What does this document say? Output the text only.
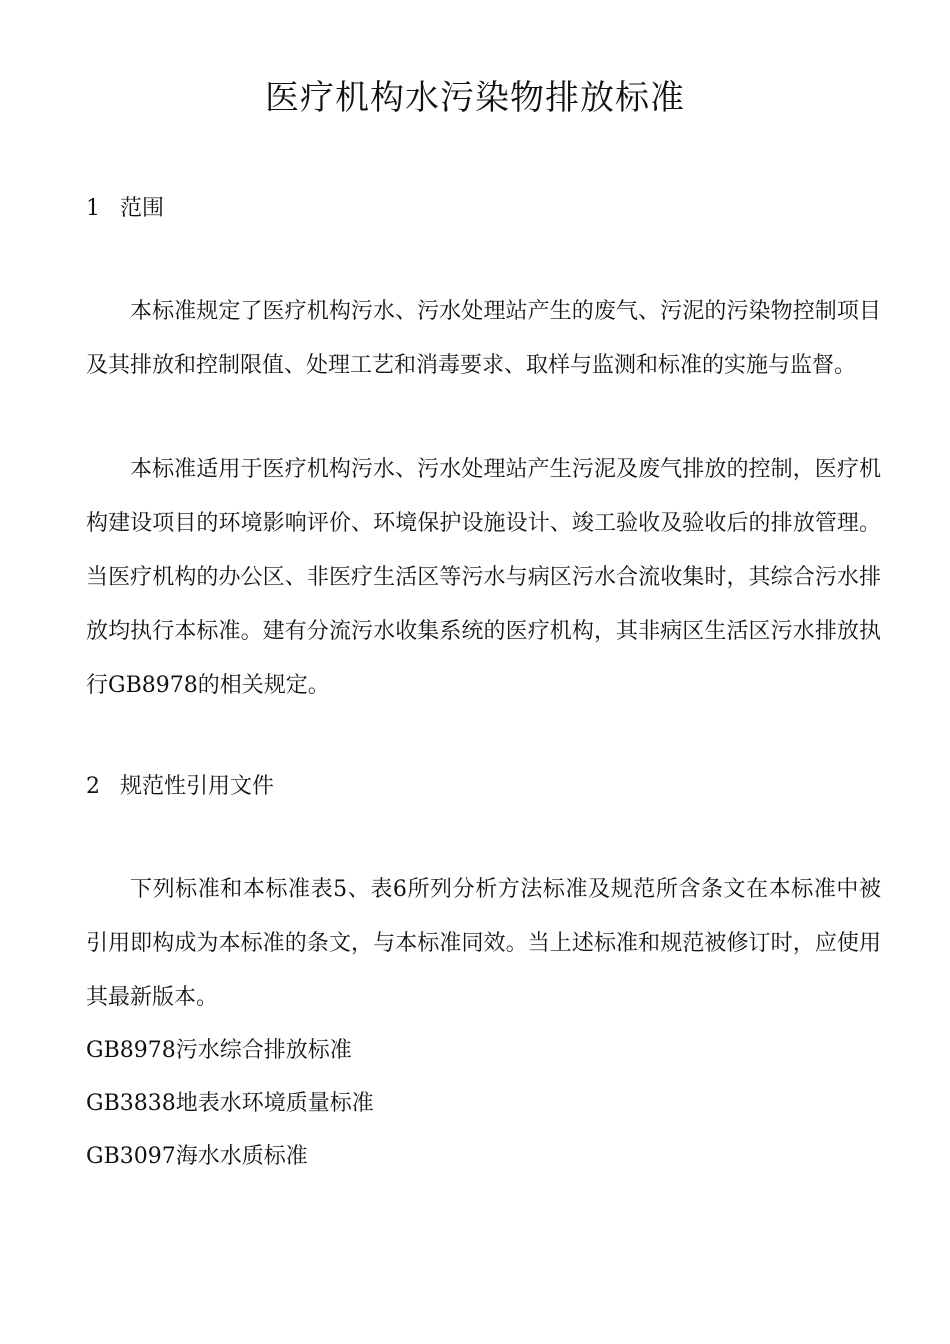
医疗机构水污染物排放标准
1 范围

本标准规定了医疗机构污水、污水处理站产生的废气、污泥的污染物控制项目及其排放和控制限值、处理工艺和消毒要求、取样与监测和标准的实施与监督。

本标准适用于医疗机构污水、污水处理站产生污泥及废气排放的控制，医疗机构建设项目的环境影响评价、环境保护设施设计、竣工验收及验收后的排放管理。当医疗机构的办公区、非医疗生活区等污水与病区污水合流收集时，其综合污水排放均执行本标准。建有分流污水收集系统的医疗机构，其非病区生活区污水排放执行GB8978的相关规定。

2 规范性引用文件

下列标准和本标准表5、表6所列分析方法标准及规范所含条文在本标准中被引用即构成为本标准的条文，与本标准同效。当上述标准和规范被修订时，应使用其最新版本。

GB8978污水综合排放标准
GB3838地表水环境质量标准
GB3097海水水质标准
